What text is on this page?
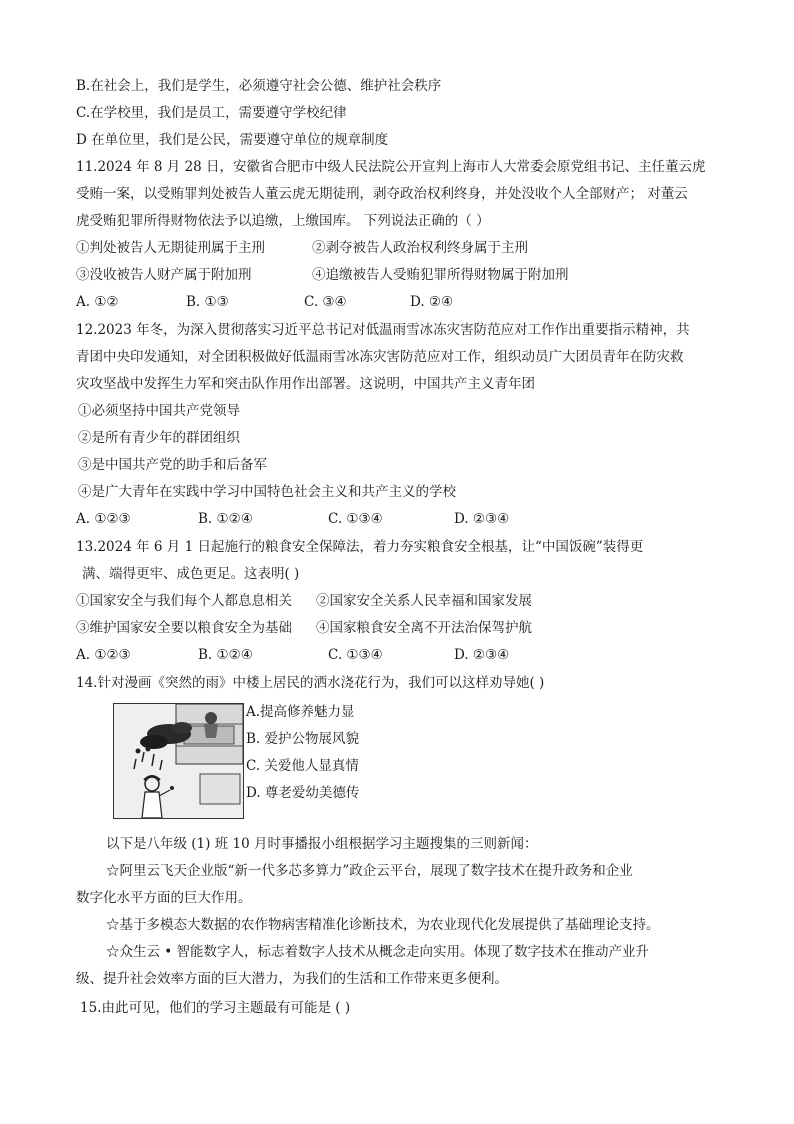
B.在社会上，我们是学生，必须遵守社会公德、维护社会秩序
C.在学校里，我们是员工，需要遵守学校纪律
D 在单位里，我们是公民，需要遵守单位的规章制度
11.2024 年 8 月 28 日，安徽省合肥市中级人民法院公开宣判上海市人大常委会原党组书记、主任董云虎
受贿一案，以受贿罪判处被告人董云虎无期徒刑，剥夺政治权利终身，并处没收个人全部财产； 对董云
虎受贿犯罪所得财物依法予以追缴，上缴国库。 下列说法正确的（ ）
①判处被告人无期徒刑属于主刑	②剥夺被告人政治权利终身属于主刑
③没收被告人财产属于附加刑	④追缴被告人受贿犯罪所得财物属于附加刑
A. ①②	B. ①③	C. ③④	D. ②④
12.2023 年冬，为深入贯彻落实习近平总书记对低温雨雪冰冻灾害防范应对工作作出重要指示精神，共
青团中央印发通知，对全团积极做好低温雨雪冰冻灾害防范应对工作，组织动员广大团员青年在防灾救
灾攻坚战中发挥生力军和突击队作用作出部署。这说明，中国共产主义青年团
①必须坚持中国共产党领导
②是所有青少年的群团组织
③是中国共产党的助手和后备军
④是广大青年在实践中学习中国特色社会主义和共产主义的学校
A. ①②③	B. ①②④	C. ①③④	D. ②③④
13.2024 年 6 月 1 日起施行的粮食安全保障法，着力夯实粮食安全根基，让“中国饭碗”装得更
满、端得更牢、成色更足。这表明( )
①国家安全与我们每个人都息息相关 ②国家安全关系人民幸福和国家发展
③维护国家安全要以粮食安全为基础 ④国家粮食安全离不开法治保驾护航
A. ①②③	B. ①②④	C. ①③④	D. ②③④
14.针对漫画《突然的雨》中楼上居民的洒水浇花行为，我们可以这样劝导她( )
A.提高修养魅力显
B. 爱护公物展风貌
C. 关爱他人显真情
D. 尊老爱幼美德传
以下是八年级 (1) 班 10 月时事播报小组根据学习主题搜集的三则新闻：
☆阿里云飞天企业版“新一代多芯多算力”政企云平台，展现了数字技术在提升政务和企业
数字化水平方面的巨大作用。
☆基于多模态大数据的农作物病害精准化诊断技术，为农业现代化发展提供了基础理论支持。
☆众生云 • 智能数字人，标志着数字人技术从概念走向实用。体现了数字技术在推动产业升
级、提升社会效率方面的巨大潜力，为我们的生活和工作带来更多便利。
15.由此可见，他们的学习主题最有可能是 ( )
